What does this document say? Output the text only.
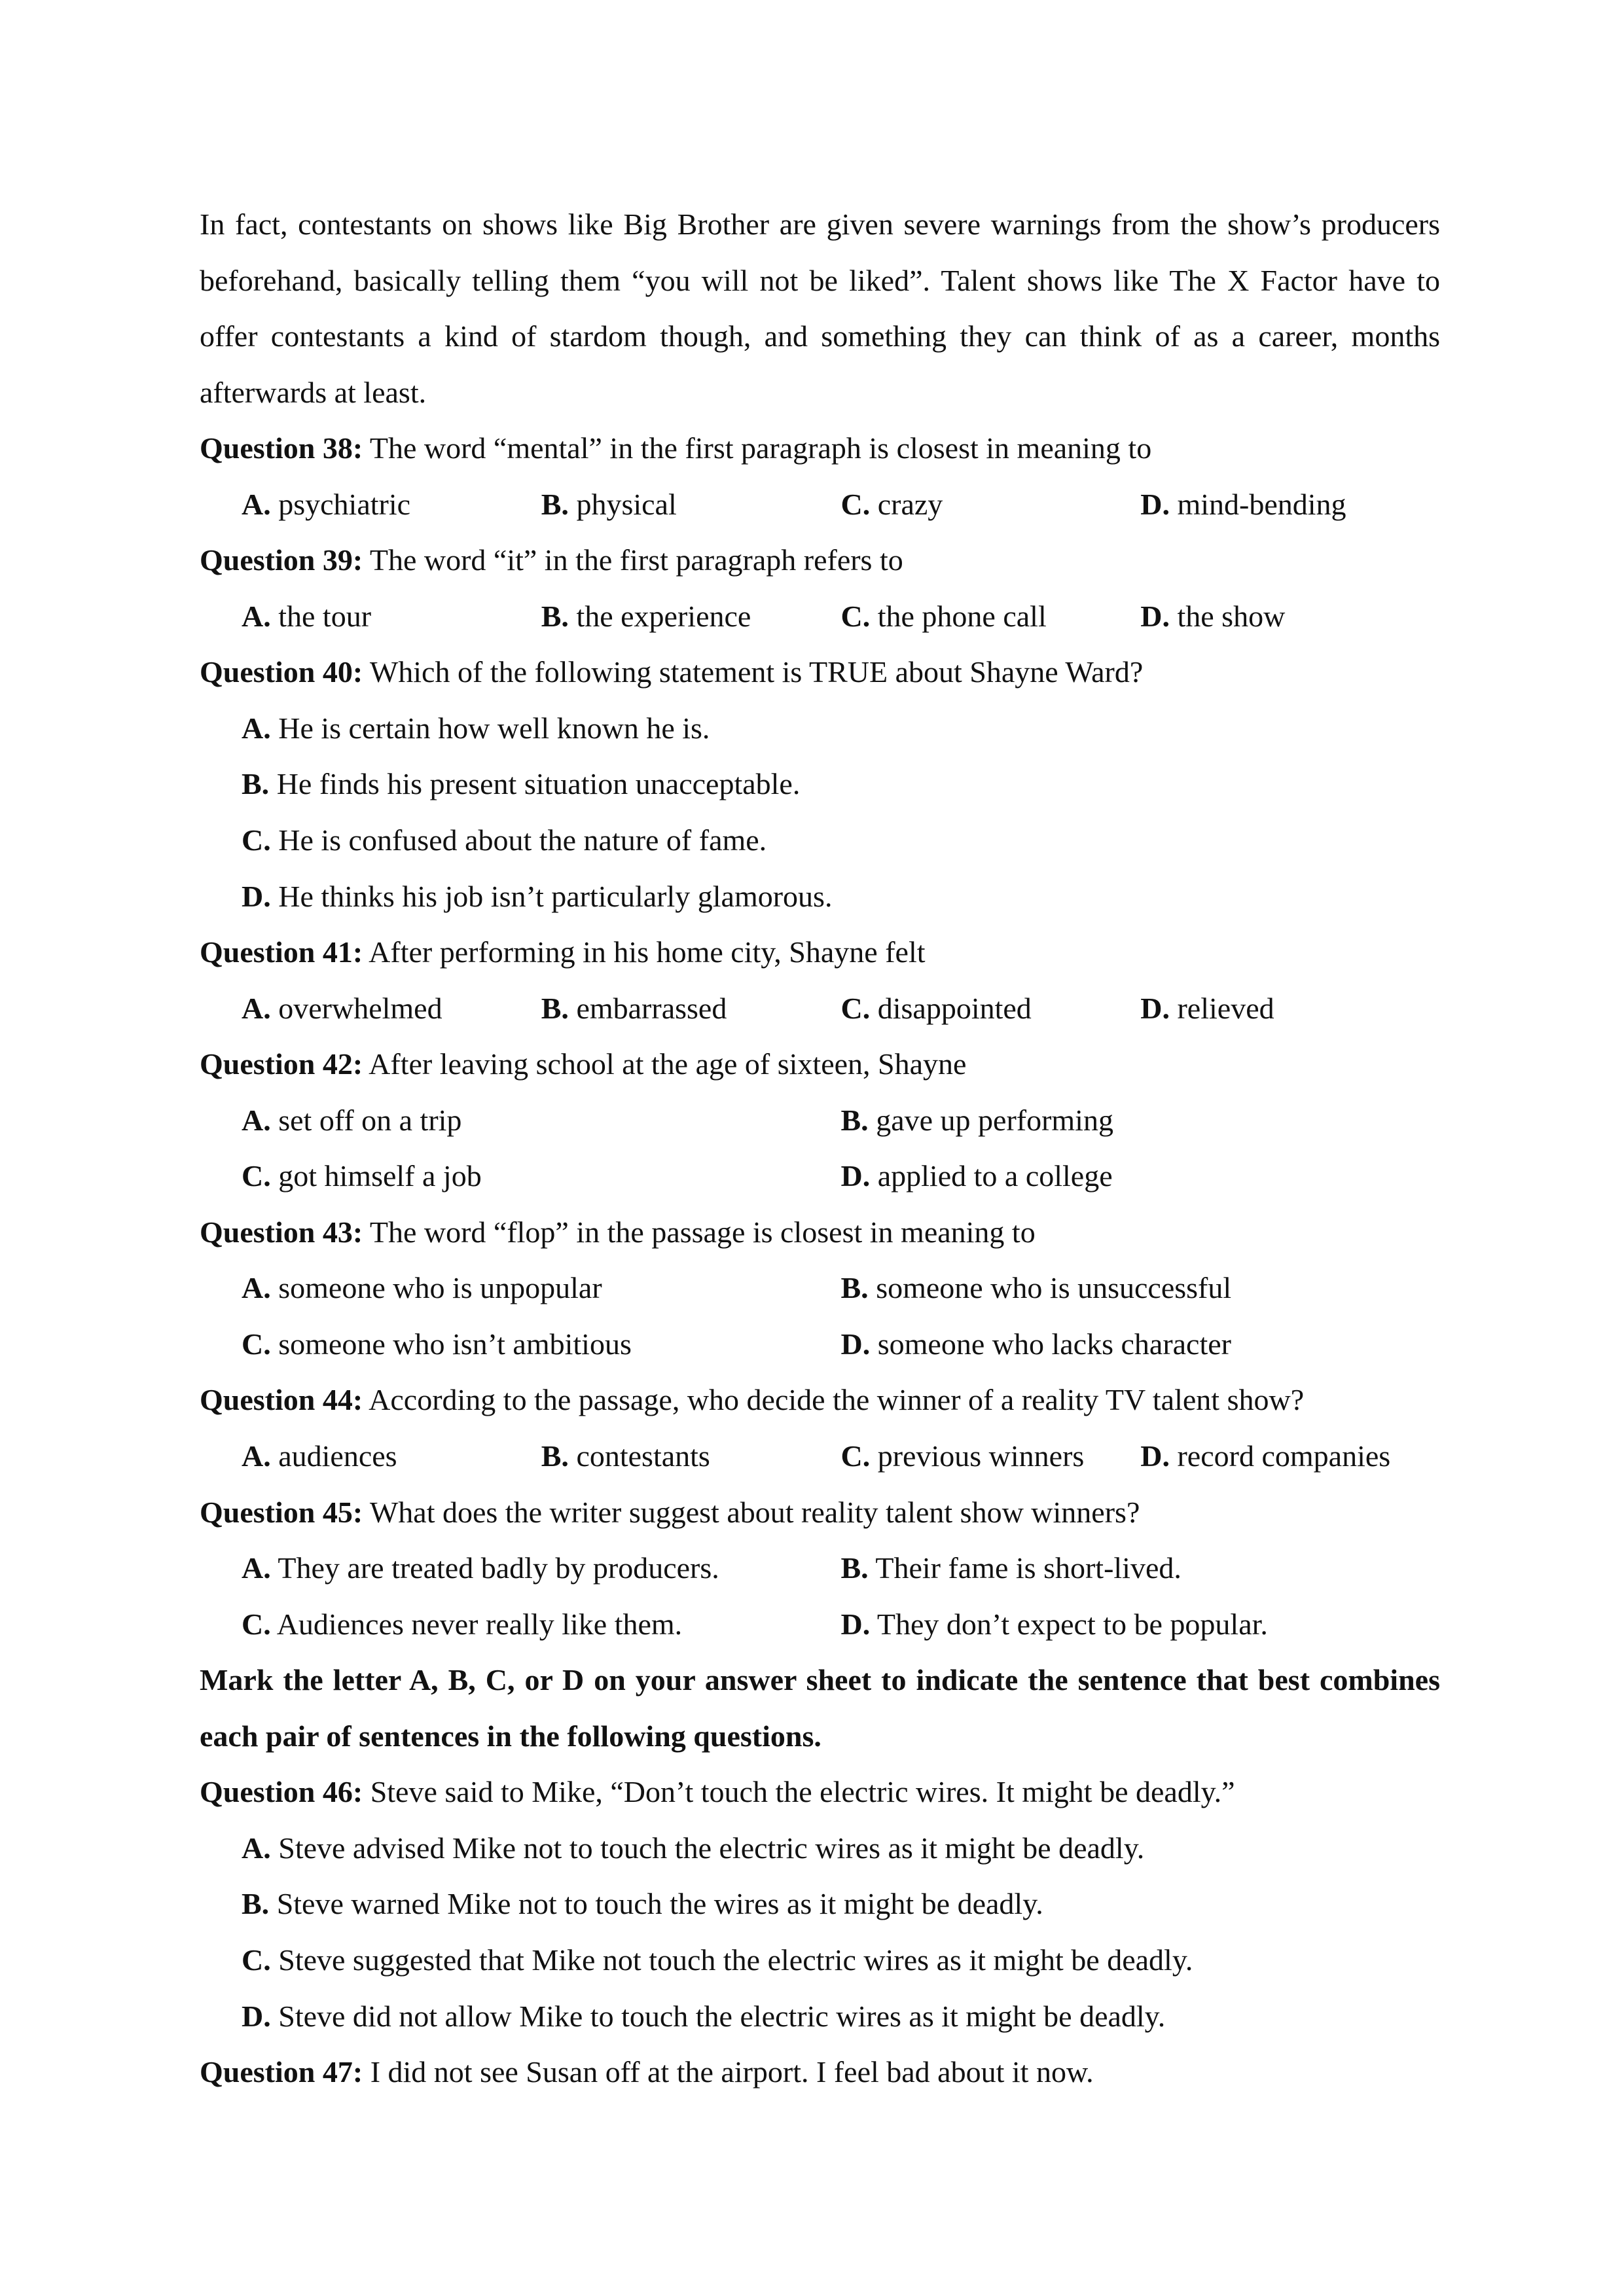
In fact, contestants on shows like Big Brother are given severe warnings from the show’s producers beforehand, basically telling them “you will not be liked”. Talent shows like The X Factor have to offer contestants a kind of stardom though, and something they can think of as a career, months afterwards at least.

Question 38: The word “mental” in the first paragraph is closest in meaning to

A. psychiatric	B. physical	C. crazy	D. mind-bending

Question 39: The word “it” in the first paragraph refers to

A. the tour	B. the experience	C. the phone call	D. the show

Question 40: Which of the following statement is TRUE about Shayne Ward?

A. He is certain how well known he is.
B. He finds his present situation unacceptable.
C. He is confused about the nature of fame.
D. He thinks his job isn’t particularly glamorous.

Question 41: After performing in his home city, Shayne felt

A. overwhelmed	B. embarrassed	C. disappointed	D. relieved

Question 42: After leaving school at the age of sixteen, Shayne

A. set off on a trip	B. gave up performing
C. got himself a job	D. applied to a college

Question 43: The word “flop” in the passage is closest in meaning to

A. someone who is unpopular	B. someone who is unsuccessful
C. someone who isn’t ambitious	D. someone who lacks character

Question 44: According to the passage, who decide the winner of a reality TV talent show?

A. audiences	B. contestants	C. previous winners	D. record companies

Question 45: What does the writer suggest about reality talent show winners?

A. They are treated badly by producers.	B. Their fame is short-lived.
C. Audiences never really like them.	D. They don’t expect to be popular.

Mark the letter A, B, C, or D on your answer sheet to indicate the sentence that best combines each pair of sentences in the following questions.

Question 46: Steve said to Mike, “Don’t touch the electric wires. It might be deadly.”

A. Steve advised Mike not to touch the electric wires as it might be deadly.
B. Steve warned Mike not to touch the wires as it might be deadly.
C. Steve suggested that Mike not touch the electric wires as it might be deadly.
D. Steve did not allow Mike to touch the electric wires as it might be deadly.

Question 47: I did not see Susan off at the airport. I feel bad about it now.
